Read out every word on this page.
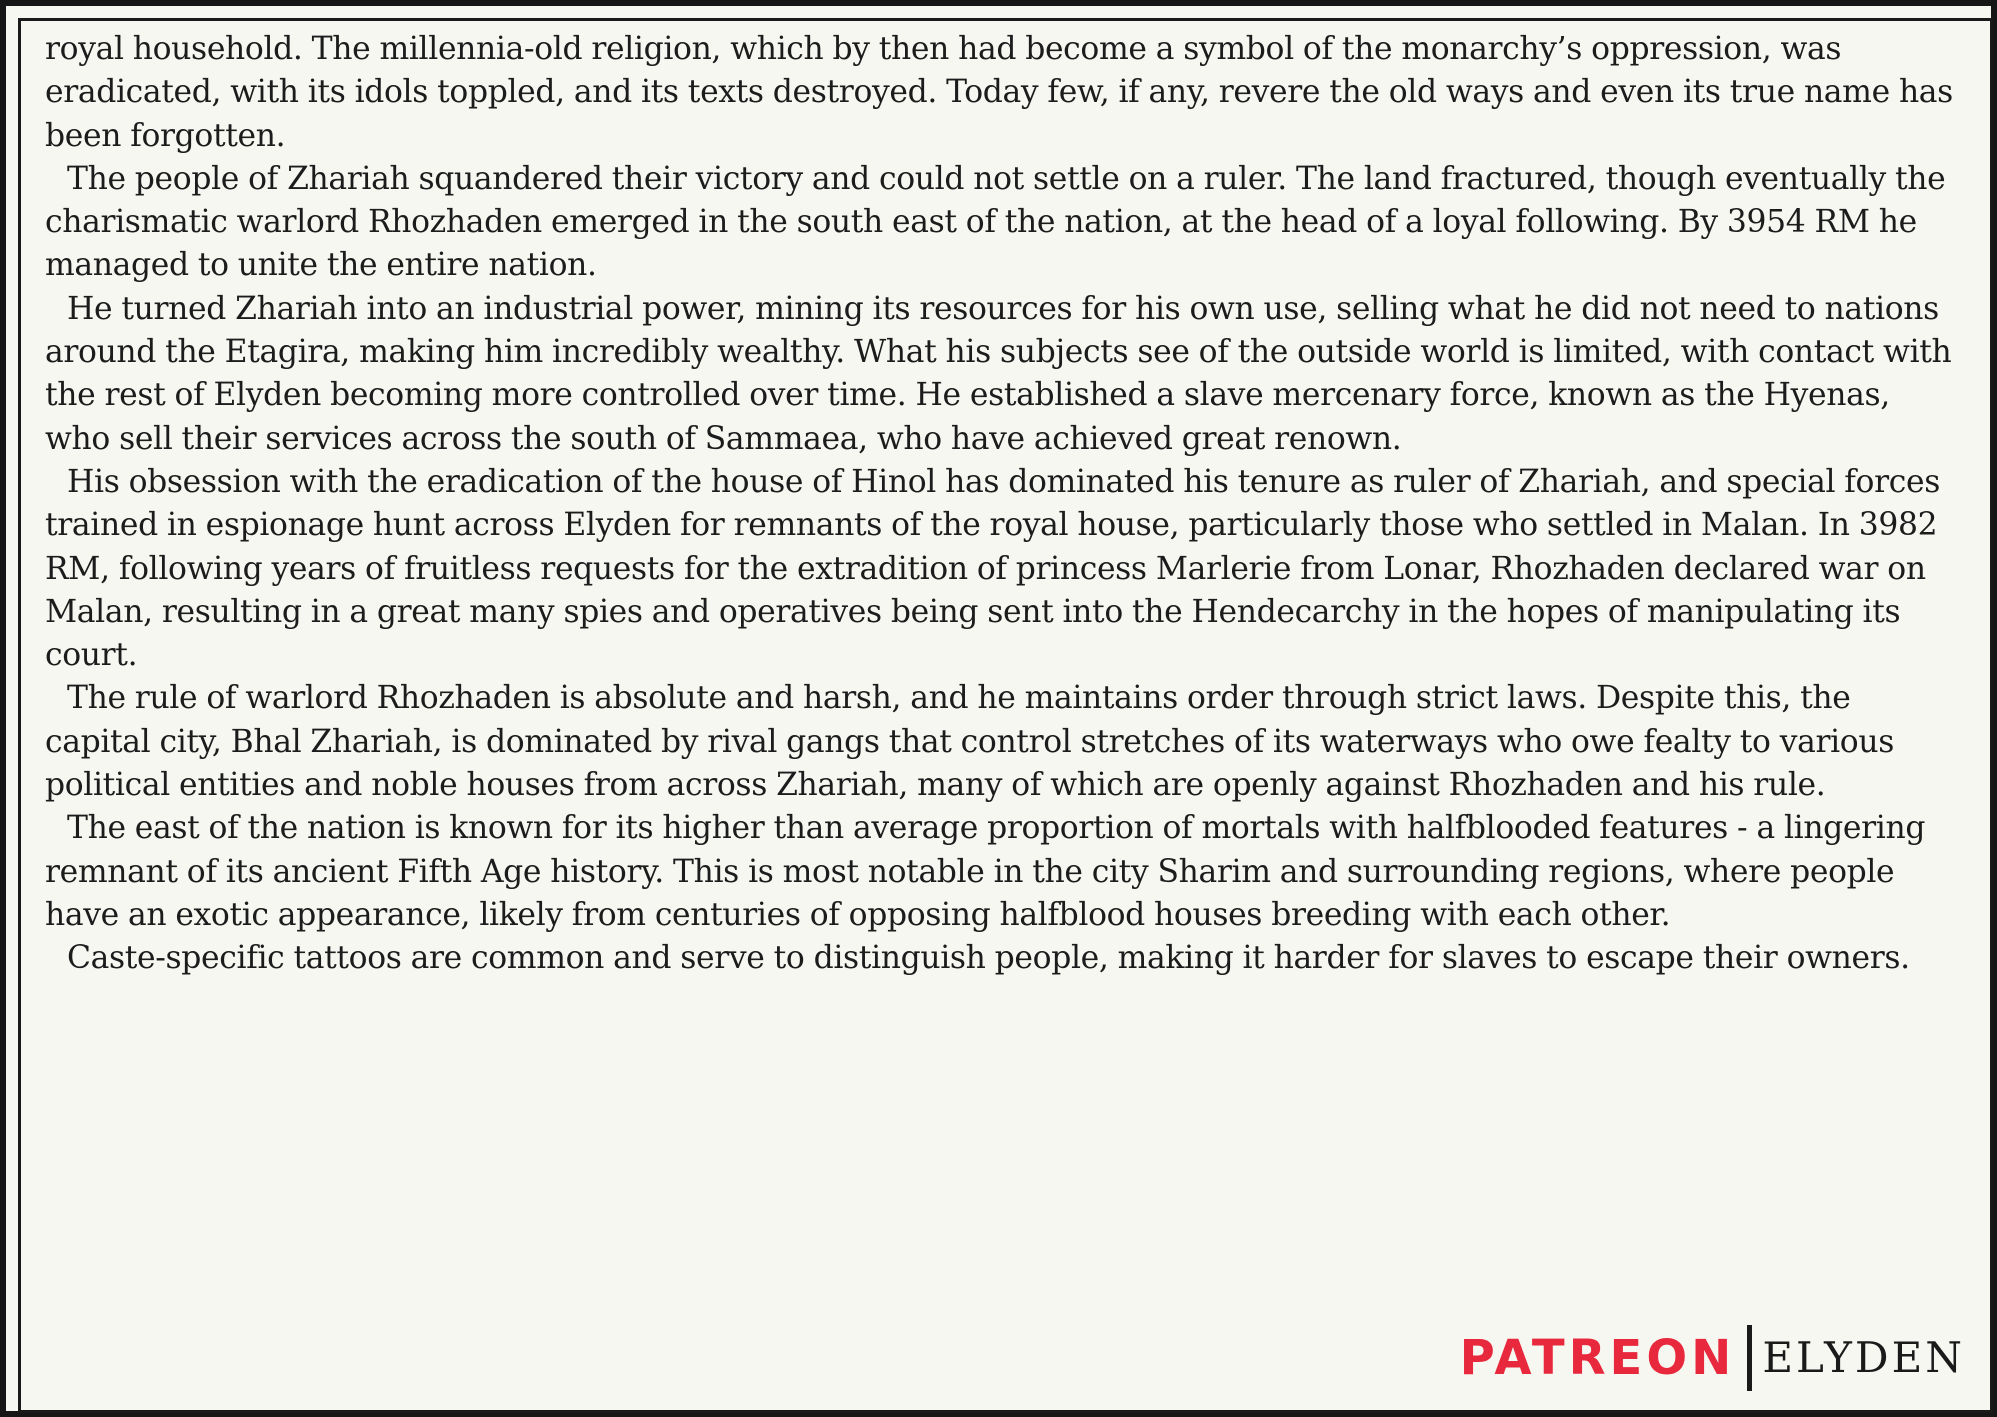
royal household. The millennia-old religion, which by then had become a symbol of the monarchy’s oppression, was eradicated, with its idols toppled, and its texts destroyed. Today few, if any, revere the old ways and even its true name has been forgotten.

The people of Zhariah squandered their victory and could not settle on a ruler. The land fractured, though eventually the charismatic warlord Rhozhaden emerged in the south east of the nation, at the head of a loyal following. By 3954 RM he managed to unite the entire nation.

He turned Zhariah into an industrial power, mining its resources for his own use, selling what he did not need to nations around the Etagira, making him incredibly wealthy. What his subjects see of the outside world is limited, with contact with the rest of Elyden becoming more controlled over time. He established a slave mercenary force, known as the Hyenas, who sell their services across the south of Sammaea, who have achieved great renown.

His obsession with the eradication of the house of Hinol has dominated his tenure as ruler of Zhariah, and special forces trained in espionage hunt across Elyden for remnants of the royal house, particularly those who settled in Malan. In 3982 RM, following years of fruitless requests for the extradition of princess Marlerie from Lonar, Rhozhaden declared war on Malan, resulting in a great many spies and operatives being sent into the Hendecarchy in the hopes of manipulating its court.

The rule of warlord Rhozhaden is absolute and harsh, and he maintains order through strict laws. Despite this, the capital city, Bhal Zhariah, is dominated by rival gangs that control stretches of its waterways who owe fealty to various political entities and noble houses from across Zhariah, many of which are openly against Rhozhaden and his rule.

The east of the nation is known for its higher than average proportion of mortals with halfblooded features - a lingering remnant of its ancient Fifth Age history. This is most notable in the city Sharim and surrounding regions, where people have an exotic appearance, likely from centuries of opposing halfblood houses breeding with each other.

Caste-specific tattoos are common and serve to distinguish people, making it harder for slaves to escape their owners.

PATREON ELYDEN
